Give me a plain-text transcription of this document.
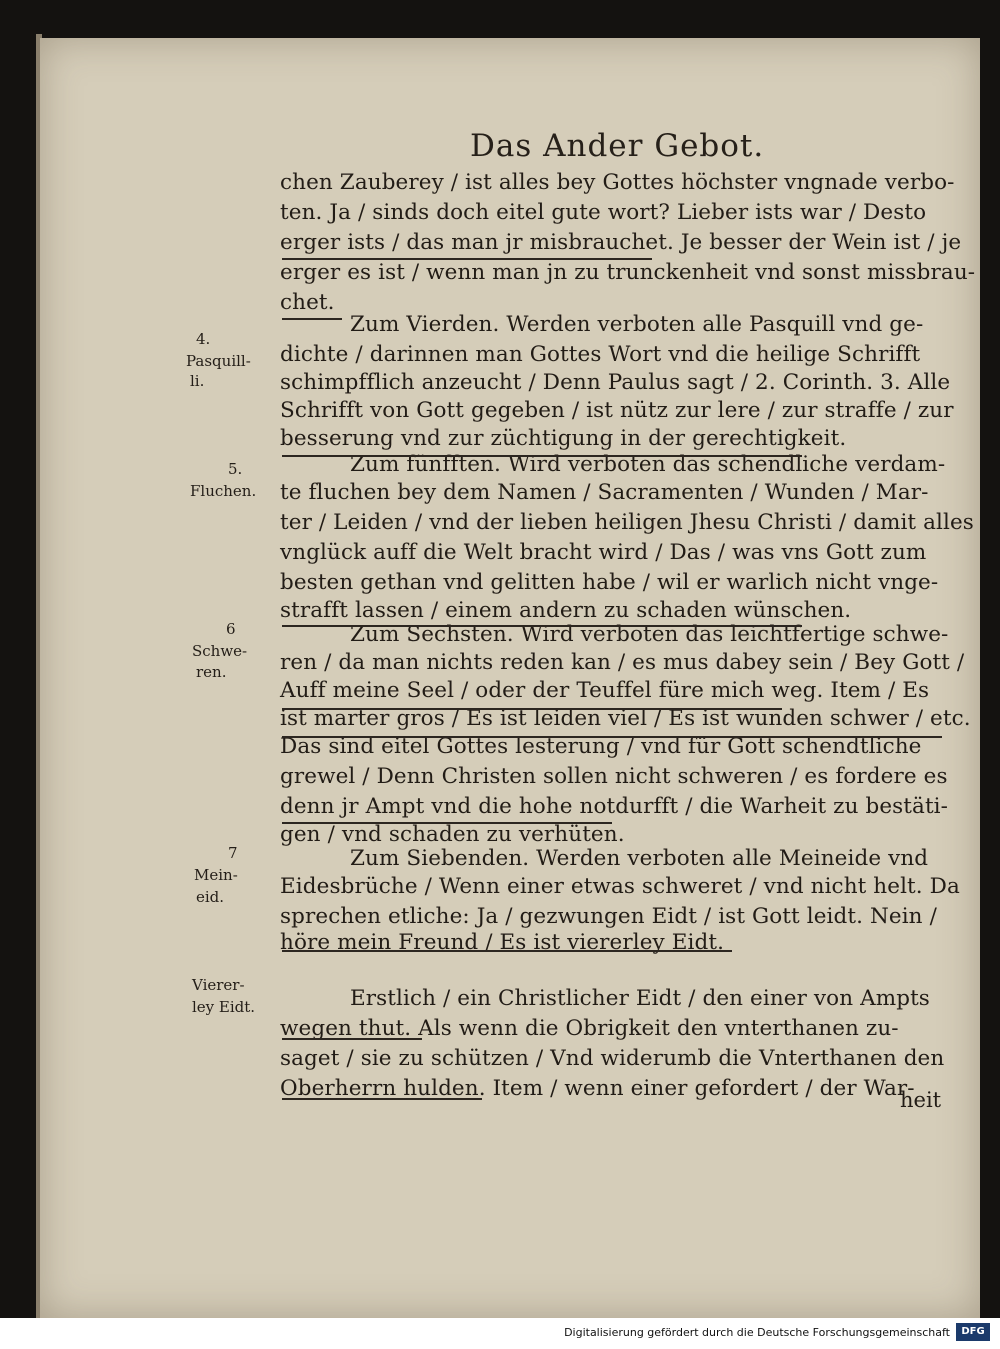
Das Ander Gebot.
4.
Pasquill-
li.
5.
Fluchen.
6
Schwe-
ren.
7
Mein-
eid.
Vierer-
ley Eidt.
chen Zauberey / ist alles bey Gottes höchster vngnade verbo-
ten. Ja / sinds doch eitel gute wort? Lieber ists war / Desto
erger ists / das man jr misbrauchet. Je besser der Wein ist / je
erger es ist / wenn man jn zu trunckenheit vnd sonst missbrau-
chet.
Zum Vierden. Werden verboten alle Pasquill vnd ge-
dichte / darinnen man Gottes Wort vnd die heilige Schrifft
schimpfflich anzeucht / Denn Paulus sagt / 2. Corinth. 3. Alle
Schrifft von Gott gegeben / ist nütz zur lere / zur straffe / zur
besserung vnd zur züchtigung in der gerechtigkeit.
Zum fünfften. Wird verboten das schendliche verdam-
te fluchen bey dem Namen / Sacramenten / Wunden / Mar-
ter / Leiden / vnd der lieben heiligen Jhesu Christi / damit alles
vnglück auff die Welt bracht wird / Das / was vns Gott zum
besten gethan vnd gelitten habe / wil er warlich nicht vnge-
strafft lassen / einem andern zu schaden wünschen.
Zum Sechsten. Wird verboten das leichtfertige schwe-
ren / da man nichts reden kan / es mus dabey sein / Bey Gott /
Auff meine Seel / oder der Teuffel füre mich weg. Item / Es
ist marter gros / Es ist leiden viel / Es ist wunden schwer / etc.
Das sind eitel Gottes lesterung / vnd für Gott schendtliche
grewel / Denn Christen sollen nicht schweren / es fordere es
denn jr Ampt vnd die hohe notdurfft / die Warheit zu bestäti-
gen / vnd schaden zu verhüten.
Zum Siebenden. Werden verboten alle Meineide vnd
Eidesbrüche / Wenn einer etwas schweret / vnd nicht helt. Da
sprechen etliche: Ja / gezwungen Eidt / ist Gott leidt. Nein /
höre mein Freund / Es ist viererley Eidt.
Erstlich / ein Christlicher Eidt / den einer von Ampts
wegen thut. Als wenn die Obrigkeit den vnterthanen zu-
saget / sie zu schützen / Vnd widerumb die Vnterthanen den
Oberherrn hulden. Item / wenn einer gefordert / der War-
heit
Digitalisierung gefördert durch die Deutsche Forschungsgemeinschaft	DFG
